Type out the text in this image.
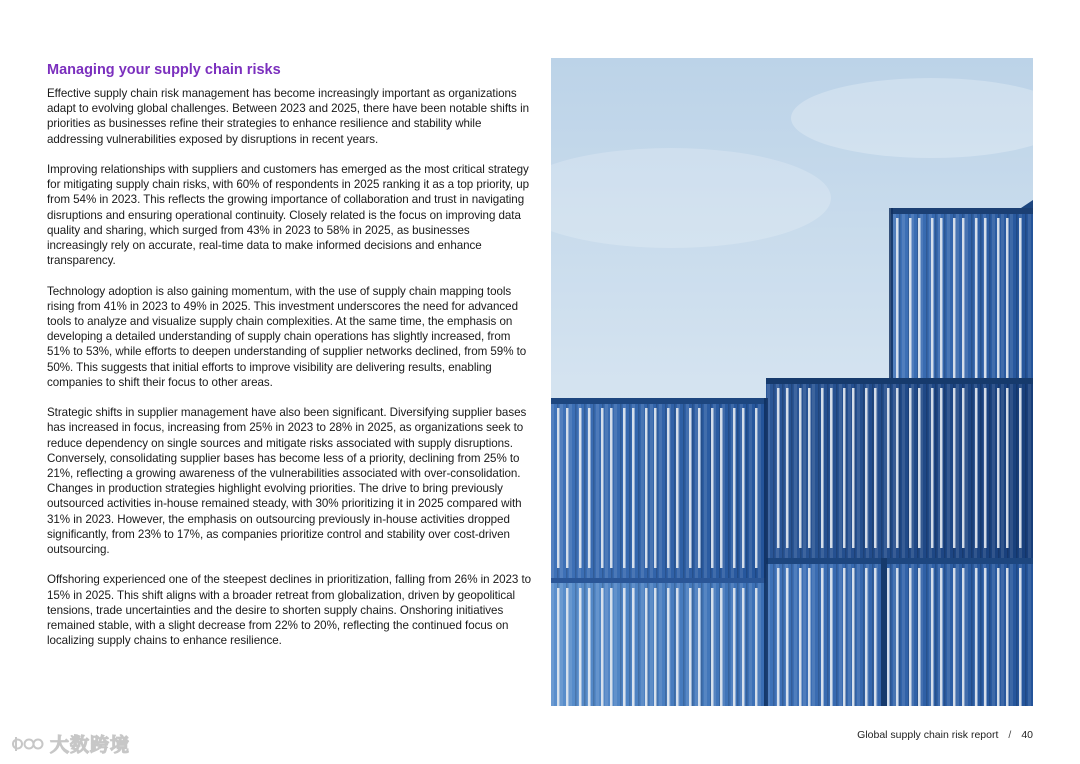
Managing your supply chain risks

Effective supply chain risk management has become increasingly important as organizations adapt to evolving global challenges. Between 2023 and 2025, there have been notable shifts in priorities as businesses refine their strategies to enhance resilience and stability while addressing vulnerabilities exposed by disruptions in recent years.

Improving relationships with suppliers and customers has emerged as the most critical strategy for mitigating supply chain risks, with 60% of respondents in 2025 ranking it as a top priority, up from 54% in 2023. This reflects the growing importance of collaboration and trust in navigating disruptions and ensuring operational continuity. Closely related is the focus on improving data quality and sharing, which surged from 43% in 2023 to 58% in 2025, as businesses increasingly rely on accurate, real-time data to make informed decisions and enhance transparency.

Technology adoption is also gaining momentum, with the use of supply chain mapping tools rising from 41% in 2023 to 49% in 2025. This investment underscores the need for advanced tools to analyze and visualize supply chain complexities. At the same time, the emphasis on developing a detailed understanding of supply chain operations has slightly increased, from 51% to 53%, while efforts to deepen understanding of supplier networks declined, from 59% to 50%. This suggests that initial efforts to improve visibility are delivering results, enabling companies to shift their focus to other areas.

Strategic shifts in supplier management have also been significant. Diversifying supplier bases has increased in focus, increasing from 25% in 2023 to 28% in 2025, as organizations seek to reduce dependency on single sources and mitigate risks associated with supply disruptions. Conversely, consolidating supplier bases has become less of a priority, declining from 25% to 21%, reflecting a growing awareness of the vulnerabilities associated with over-consolidation. Changes in production strategies highlight evolving priorities. The drive to bring previously outsourced activities in-house remained steady, with 30% prioritizing it in 2025 compared with 31% in 2023. However, the emphasis on outsourcing previously in-house activities dropped significantly, from 23% to 17%, as companies prioritize control and stability over cost-driven outsourcing.

Offshoring experienced one of the steepest declines in prioritization, falling from 26% in 2023 to 15% in 2025. This shift aligns with a broader retreat from globalization, driven by geopolitical tensions, trade uncertainties and the desire to shorten supply chains. Onshoring initiatives remained stable, with a slight decrease from 22% to 20%, reflecting the continued focus on localizing supply chains to enhance resilience.

Global supply chain risk report / 40
大数跨境
